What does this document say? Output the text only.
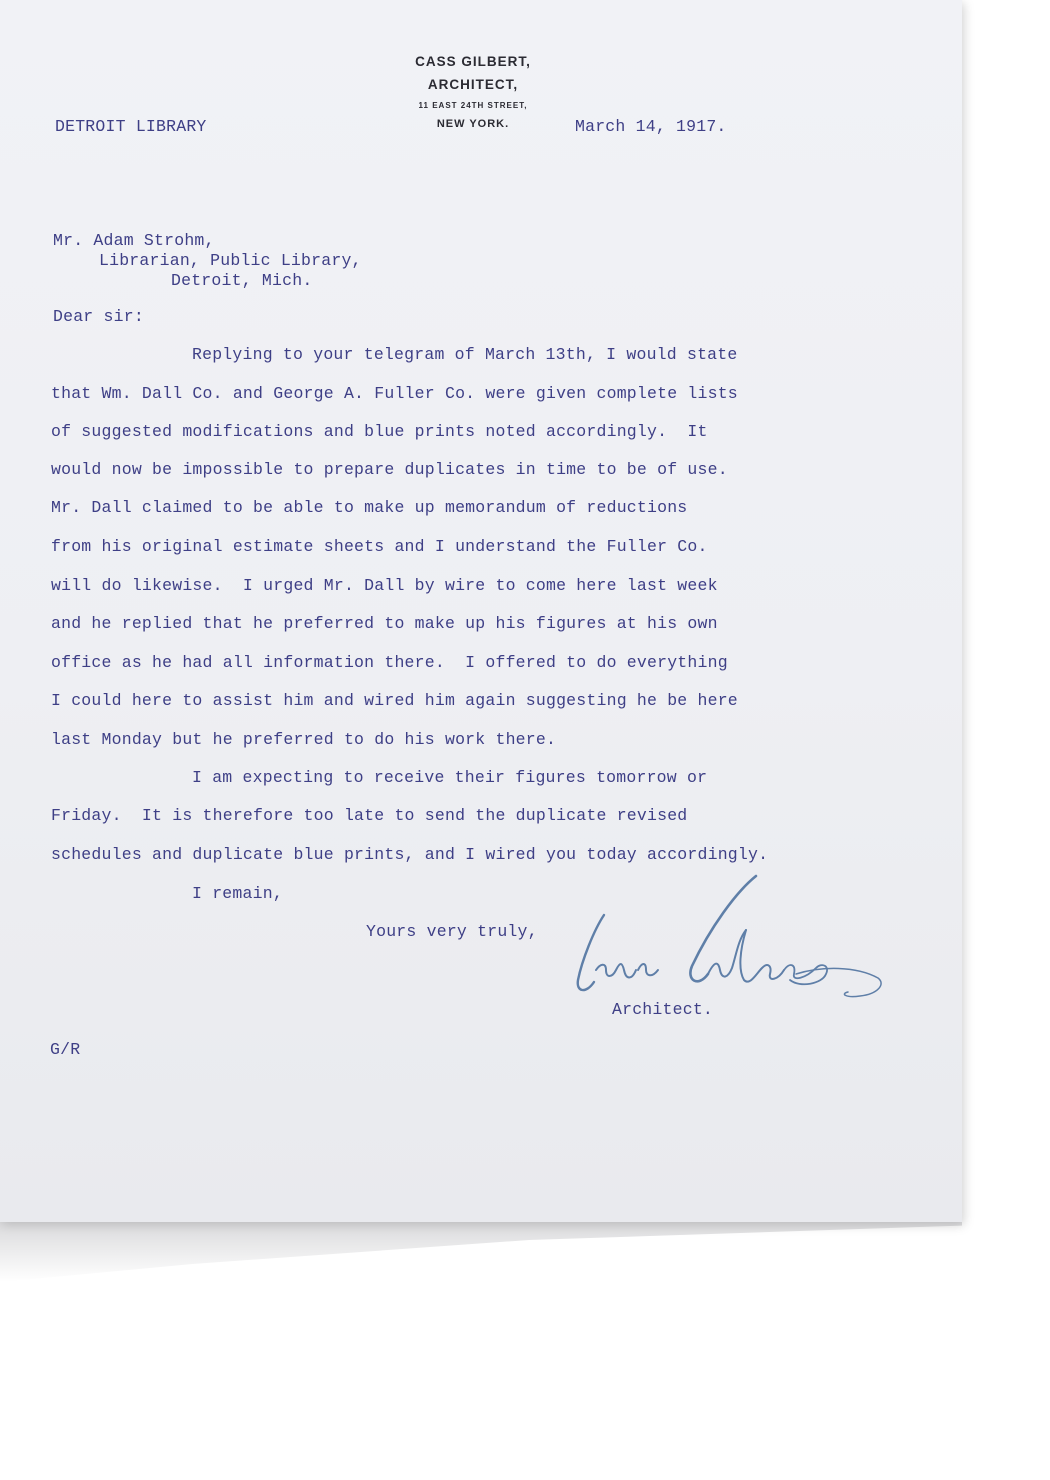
CASS GILBERT,
ARCHITECT,
11 EAST 24TH STREET,
NEW YORK.
DETROIT LIBRARY	March 14, 1917.
Mr. Adam Strohm,
Librarian, Public Library,
Detroit, Mich.
Dear sir:
Replying to your telegram of March 13th, I would state
that Wm. Dall Co. and George A. Fuller Co. were given complete lists
of suggested modifications and blue prints noted accordingly.  It
would now be impossible to prepare duplicates in time to be of use.
Mr. Dall claimed to be able to make up memorandum of reductions
from his original estimate sheets and I understand the Fuller Co.
will do likewise.  I urged Mr. Dall by wire to come here last week
and he replied that he preferred to make up his figures at his own
office as he had all information there.  I offered to do everything
I could here to assist him and wired him again suggesting he be here
last Monday but he preferred to do his work there.
I am expecting to receive their figures tomorrow or
Friday.  It is therefore too late to send the duplicate revised
schedules and duplicate blue prints, and I wired you today accordingly.
I remain,
Yours very truly,
Architect.
G/R
